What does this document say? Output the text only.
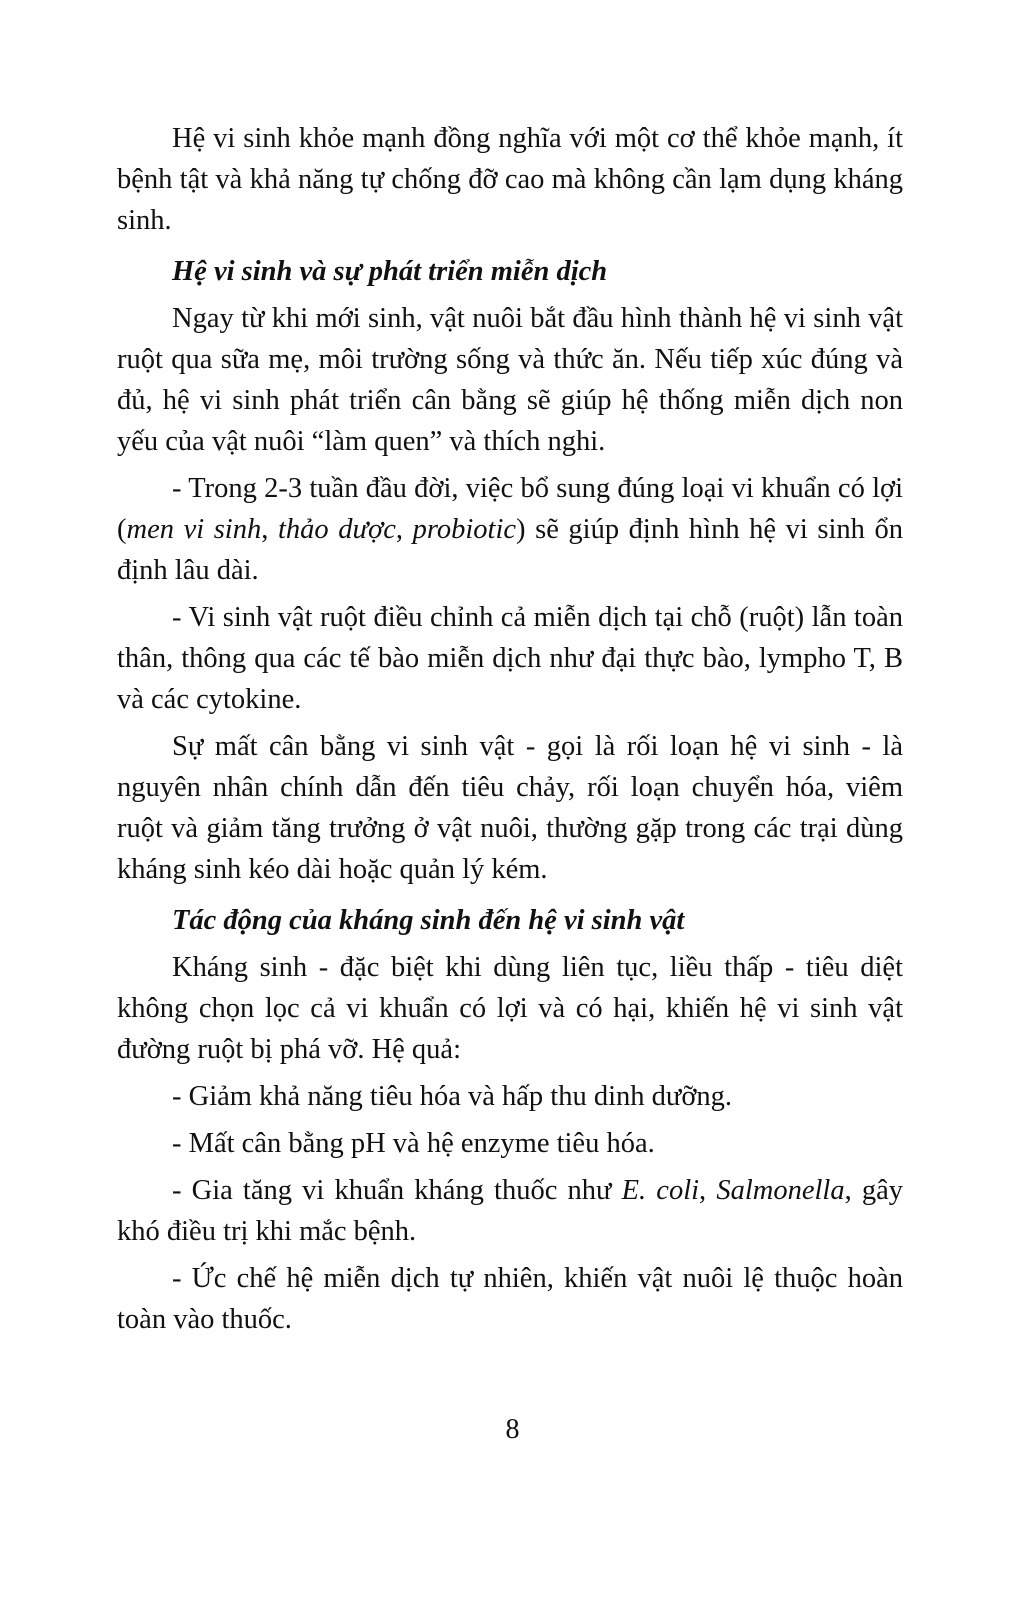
Hệ vi sinh khỏe mạnh đồng nghĩa với một cơ thể khỏe mạnh, ít bệnh tật và khả năng tự chống đỡ cao mà không cần lạm dụng kháng sinh.

Hệ vi sinh và sự phát triển miễn dịch

Ngay từ khi mới sinh, vật nuôi bắt đầu hình thành hệ vi sinh vật ruột qua sữa mẹ, môi trường sống và thức ăn. Nếu tiếp xúc đúng và đủ, hệ vi sinh phát triển cân bằng sẽ giúp hệ thống miễn dịch non yếu của vật nuôi “làm quen” và thích nghi.

- Trong 2-3 tuần đầu đời, việc bổ sung đúng loại vi khuẩn có lợi (men vi sinh, thảo dược, probiotic) sẽ giúp định hình hệ vi sinh ổn định lâu dài.

- Vi sinh vật ruột điều chỉnh cả miễn dịch tại chỗ (ruột) lẫn toàn thân, thông qua các tế bào miễn dịch như đại thực bào, lympho T, B và các cytokine.

Sự mất cân bằng vi sinh vật - gọi là rối loạn hệ vi sinh - là nguyên nhân chính dẫn đến tiêu chảy, rối loạn chuyển hóa, viêm ruột và giảm tăng trưởng ở vật nuôi, thường gặp trong các trại dùng kháng sinh kéo dài hoặc quản lý kém.

Tác động của kháng sinh đến hệ vi sinh vật

Kháng sinh - đặc biệt khi dùng liên tục, liều thấp - tiêu diệt không chọn lọc cả vi khuẩn có lợi và có hại, khiến hệ vi sinh vật đường ruột bị phá vỡ. Hệ quả:

- Giảm khả năng tiêu hóa và hấp thu dinh dưỡng.

- Mất cân bằng pH và hệ enzyme tiêu hóa.

- Gia tăng vi khuẩn kháng thuốc như E. coli, Salmonella, gây khó điều trị khi mắc bệnh.

- Ức chế hệ miễn dịch tự nhiên, khiến vật nuôi lệ thuộc hoàn toàn vào thuốc.

8
